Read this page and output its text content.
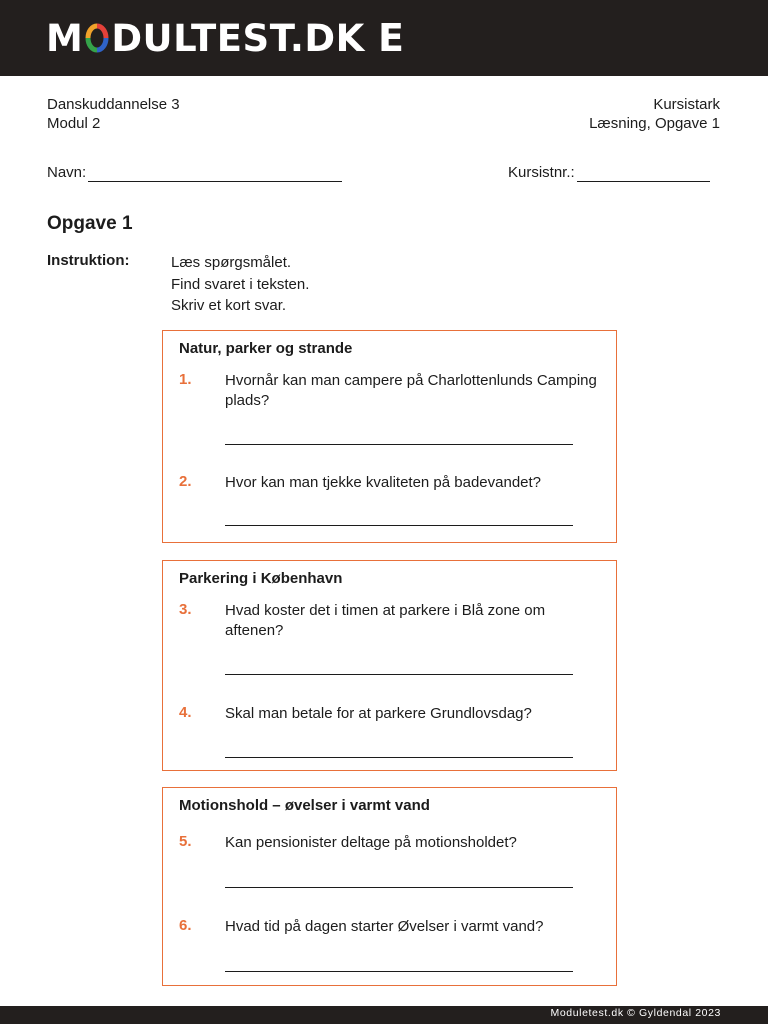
M DULTEST.DK E
Danskuddannelse 3
Modul 2
Kursistark
Læsning, Opgave 1
Navn:	Kursistnr.:
Opgave 1
Instruktion:	Læs spørgsmålet.
Find svaret i teksten.
Skriv et kort svar.
Natur, parker og strande
1. Hvornår kan man campere på Charlottenlunds Camping plads?
2. Hvor kan man tjekke kvaliteten på badevandet?
Parkering i København
3. Hvad koster det i timen at parkere i Blå zone om aftenen?
4. Skal man betale for at parkere Grundlovsdag?
Motionshold – øvelser i varmt vand
5. Kan pensionister deltage på motionsholdet?
6. Hvad tid på dagen starter Øvelser i varmt vand?
Moduletest.dk © Gyldendal 2023
